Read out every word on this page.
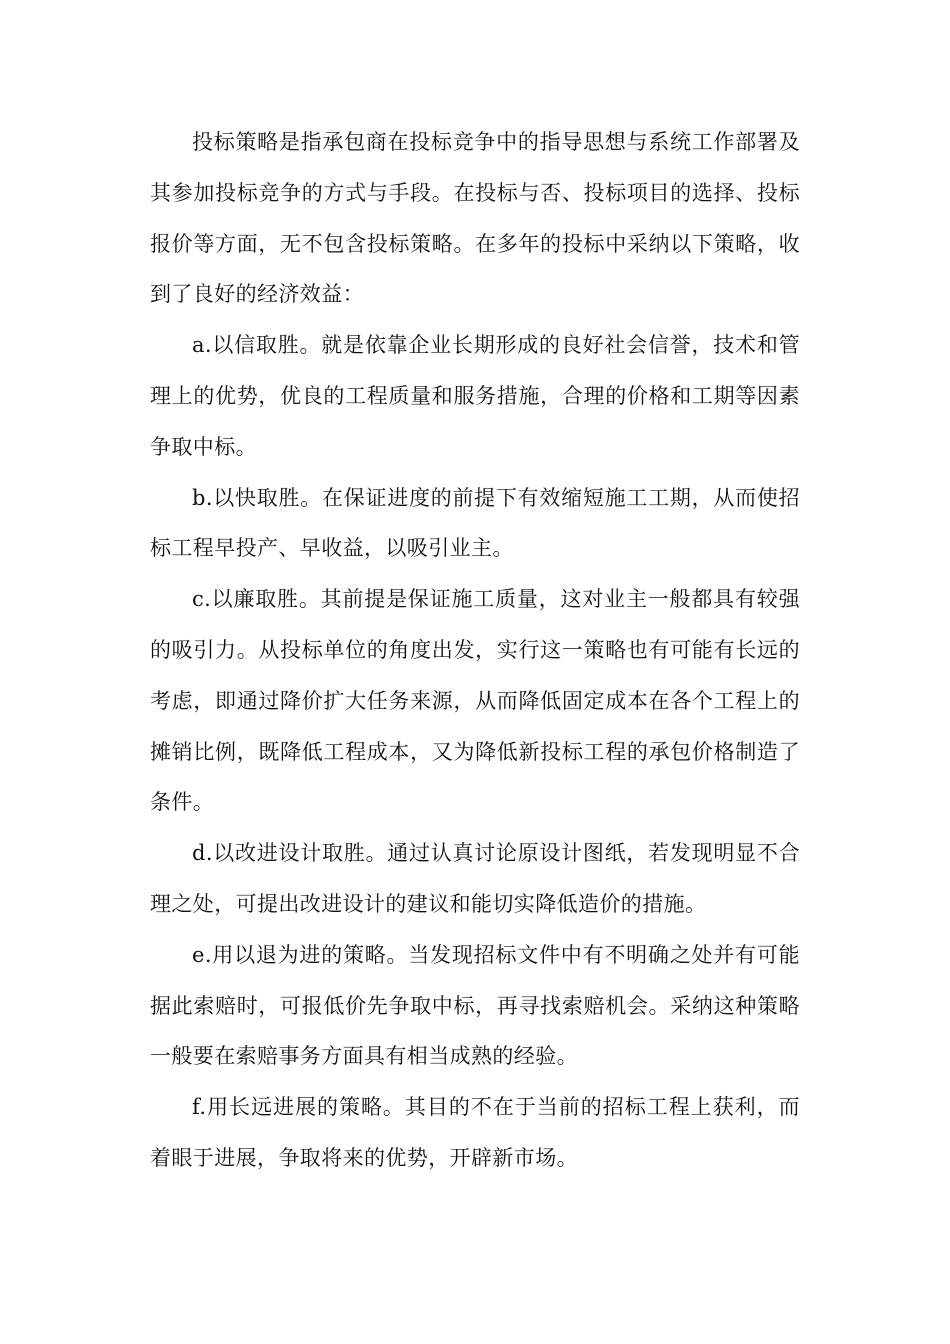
投标策略是指承包商在投标竞争中的指导思想与系统工作部署及其参加投标竞争的方式与手段。在投标与否、投标项目的选择、投标报价等方面，无不包含投标策略。在多年的投标中采纳以下策略，收到了良好的经济效益：

a.以信取胜。就是依靠企业长期形成的良好社会信誉，技术和管理上的优势，优良的工程质量和服务措施，合理的价格和工期等因素争取中标。

b.以快取胜。在保证进度的前提下有效缩短施工工期，从而使招标工程早投产、早收益，以吸引业主。

c.以廉取胜。其前提是保证施工质量，这对业主一般都具有较强的吸引力。从投标单位的角度出发，实行这一策略也有可能有长远的考虑，即通过降价扩大任务来源，从而降低固定成本在各个工程上的摊销比例，既降低工程成本，又为降低新投标工程的承包价格制造了条件。

d.以改进设计取胜。通过认真讨论原设计图纸，若发现明显不合理之处，可提出改进设计的建议和能切实降低造价的措施。

e.用以退为进的策略。当发现招标文件中有不明确之处并有可能据此索赔时，可报低价先争取中标，再寻找索赔机会。采纳这种策略一般要在索赔事务方面具有相当成熟的经验。

f.用长远进展的策略。其目的不在于当前的招标工程上获利，而着眼于进展，争取将来的优势，开辟新市场。
